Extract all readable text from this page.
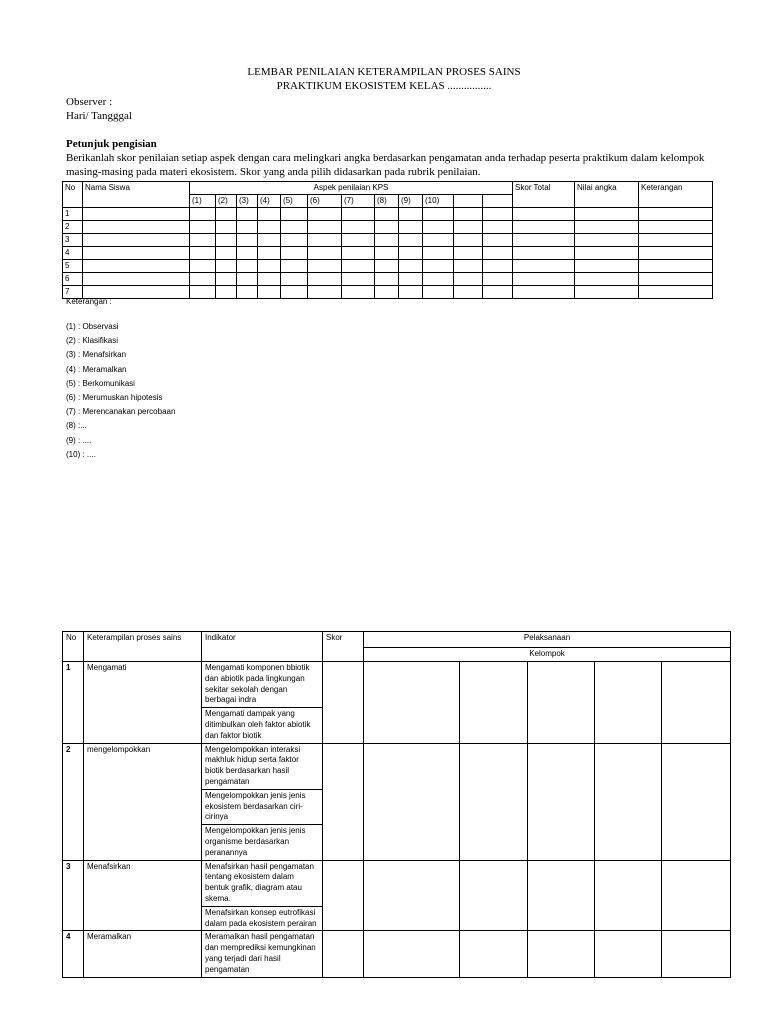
LEMBAR PENILAIAN KETERAMPILAN PROSES SAINS
PRAKTIKUM EKOSISTEM KELAS ................
Observer :
Hari/ Tangggal
Petunjuk pengisian
Berikanlah skor penilaian setiap aspek dengan cara melingkari angka berdasarkan pengamatan anda terhadap peserta praktikum dalam kelompok masing-masing pada materi ekosistem. Skor yang anda pilih didasarkan pada rubrik penilaian.
No	Nama Siswa	Aspek penilaian KPS												Skor Total	Nilai angka	Keterangan
		(1)	(2)	(3)	(4)	(5)	(6)	(7)	(8)	(9)	(10)					
1																
2																
3																
4																
5																
6																
7																
Keterangan :
(1) : Observasi
(2) : Klasifikasi
(3) : Menafsirkan
(4) : Meramalkan
(5) : Berkomunikasi
(6) : Merumuskan hipotesis
(7) : Merencanakan percobaan
(8) :...
(9) : ....
(10) : ....
No	Keterampilan proses sains	Indikator	Skor	Pelaksanaan				
				Kelompok				
1	Mengamati	Mengamati komponen bbiotik dan abiotik pada lingkungan sekitar sekolah dengan berbagai indra						
		Mengamati dampak yang ditimbulkan oleh faktor abiotik dan faktor biotik						
2	mengelompokkan	Mengelompokkan interaksi makhluk hidup serta faktor biotik berdasarkan hasil pengamatan						
		Mengelompokkan jenis jenis ekosistem berdasarkan ciri-cirinya						
		Mengelompokkan jenis jenis organisme berdasarkan peranannya						
3	Menafsirkan	Menafsirkan hasil pengamatan tentang ekosistem dalam bentuk grafik, diagram atau skema.						
		Menafsirkan konsep eutrofikasi dalam pada ekosistem perairan						
4	Meramalkan	Meramalkan hasil pengamatan dan memprediksi kemungkinan yang terjadi dari hasil pengamatan						
